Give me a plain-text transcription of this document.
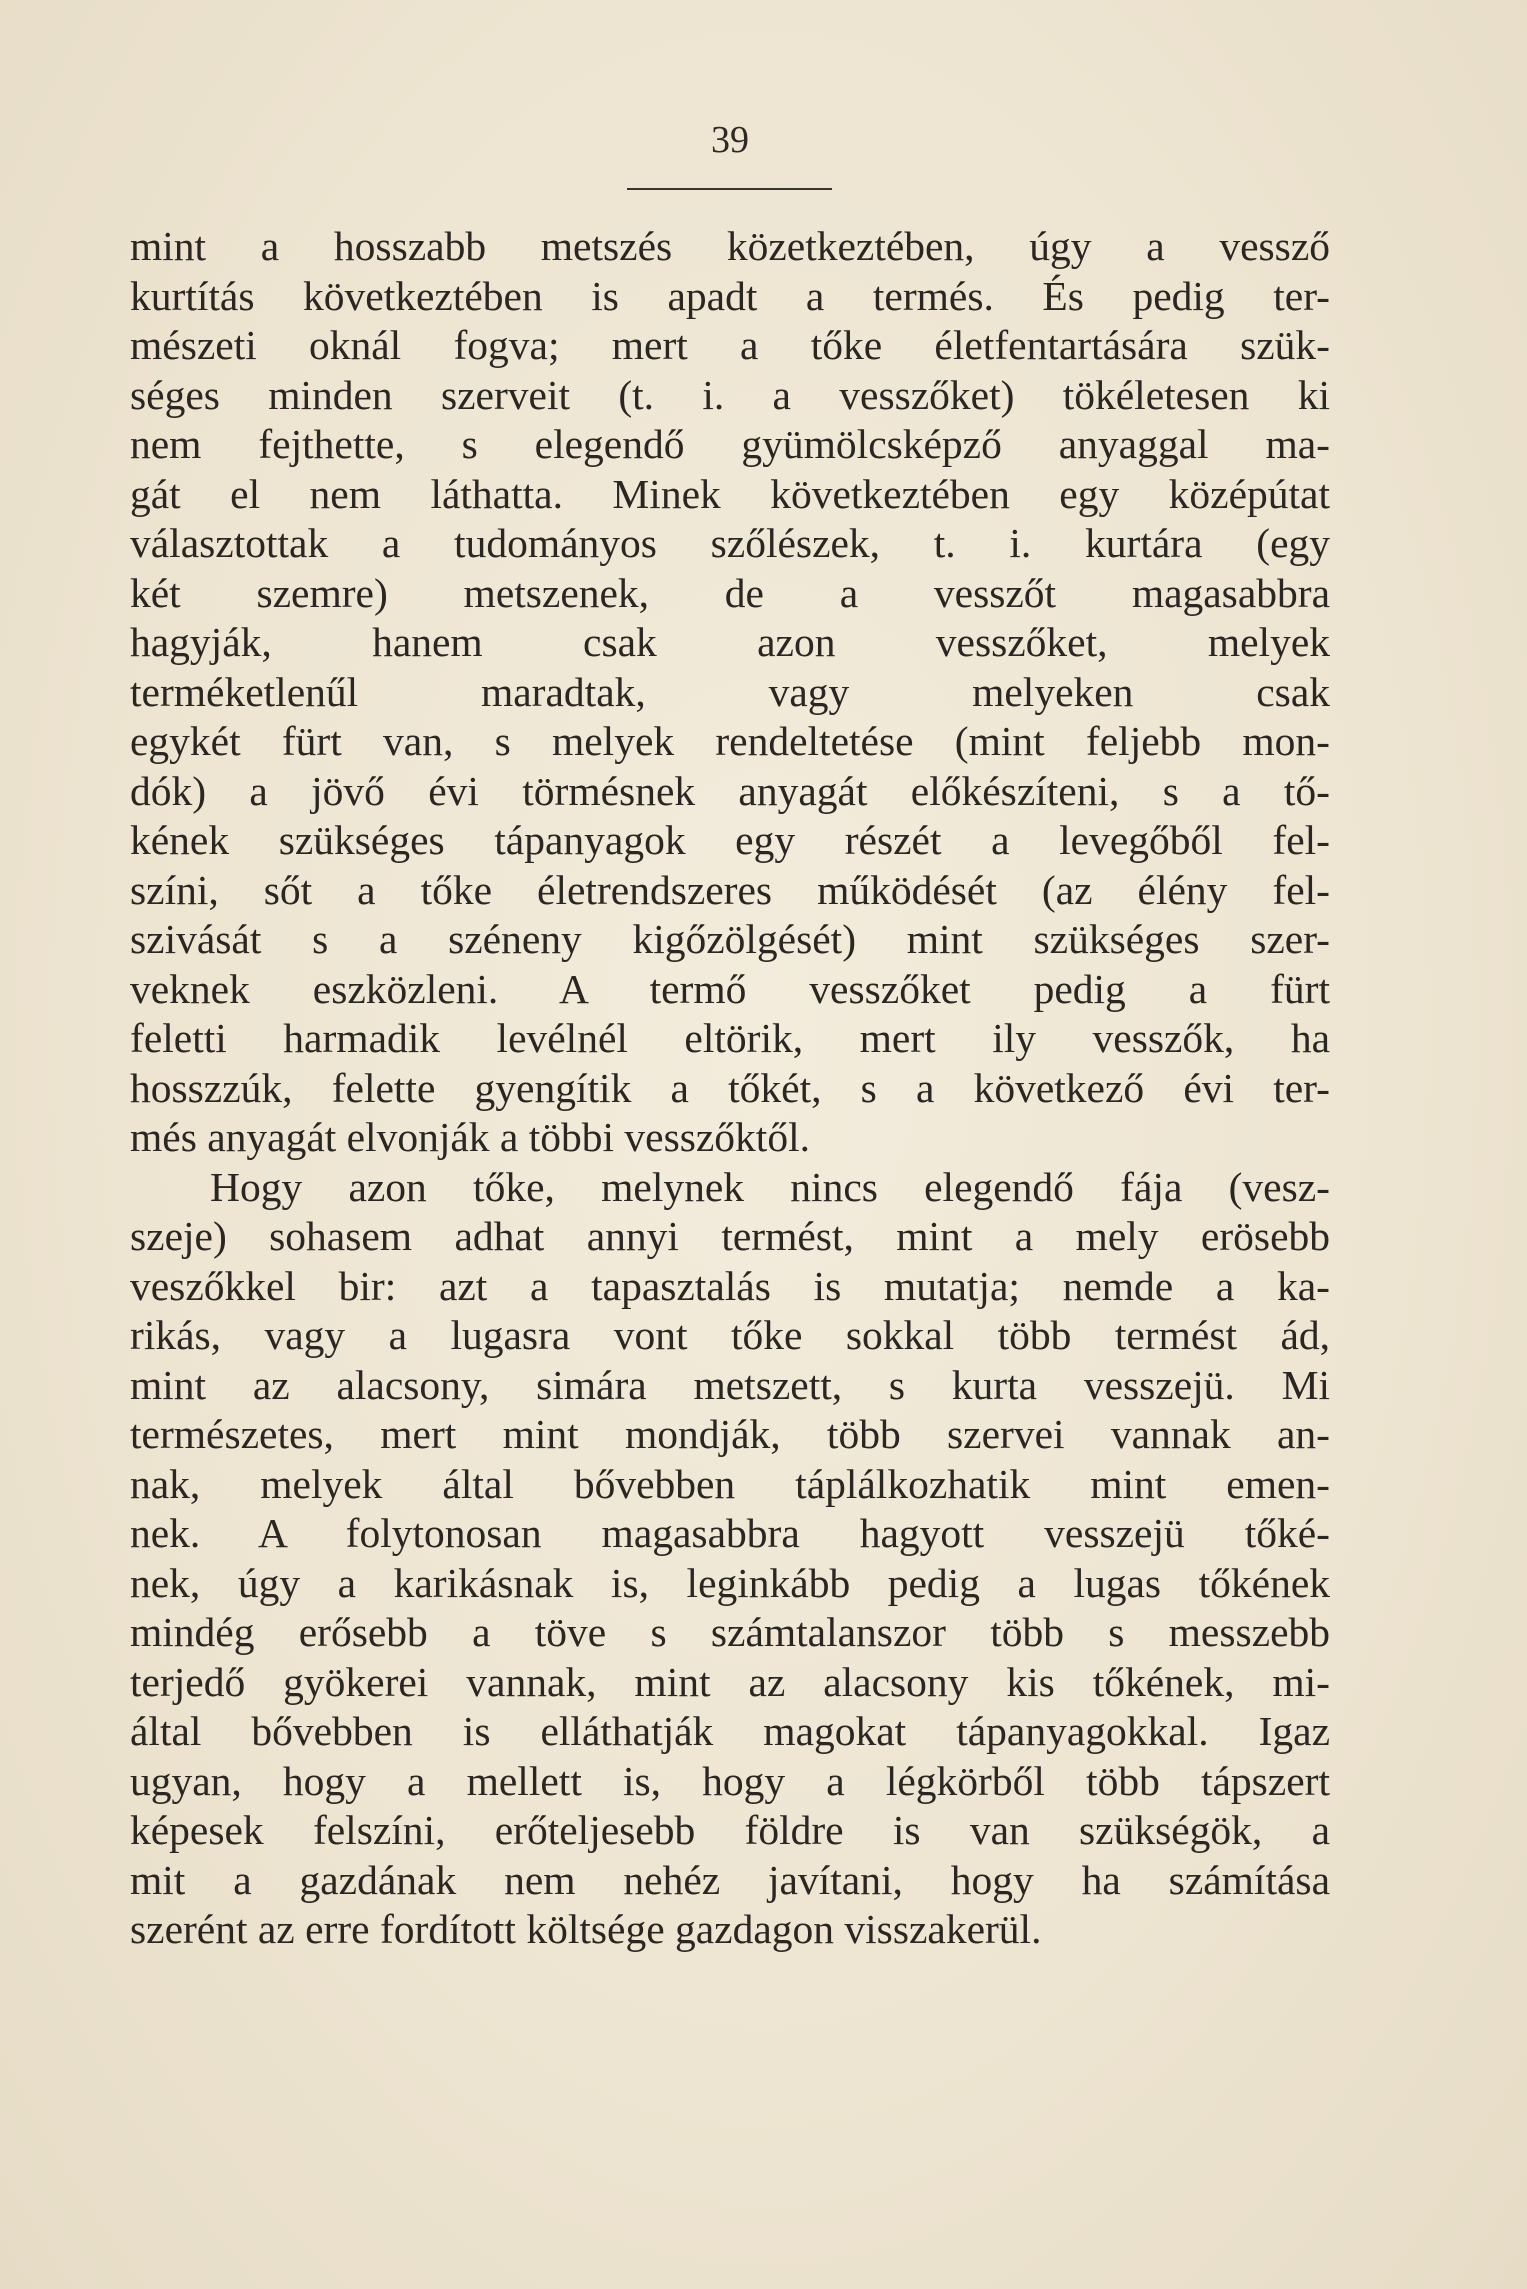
39
mint a hosszabb metszés közetkeztében, úgy a vessző
kurtítás következtében is apadt a termés. És pedig ter-
mészeti oknál fogva; mert a tőke életfentartására szük-
séges minden szerveit (t. i. a vesszőket) tökéletesen ki
nem fejthette, s elegendő gyümölcsképző anyaggal ma-
gát el nem láthatta. Minek következtében egy középútat
választottak a tudományos szőlészek, t. i. kurtára (egy
két szemre) metszenek, de a vesszőt magasabbra
hagyják, hanem csak azon vesszőket, melyek
terméketlenűl maradtak, vagy melyeken csak
egykét fürt van, s melyek rendeltetése (mint feljebb mon-
dók) a jövő évi törmésnek anyagát előkészíteni, s a tő-
kének szükséges tápanyagok egy részét a levegőből fel-
színi, sőt a tőke életrendszeres működését (az élény fel-
szivását s a széneny kigőzölgését) mint szükséges szer-
veknek eszközleni. A termő vesszőket pedig a fürt
feletti harmadik levélnél eltörik, mert ily vesszők, ha
hosszzúk, felette gyengítik a tőkét, s a következő évi ter-
més anyagát elvonják a többi vesszőktől.
Hogy azon tőke, melynek nincs elegendő fája (vesz-
szeje) sohasem adhat annyi termést, mint a mely erösebb
veszőkkel bir: azt a tapasztalás is mutatja; nemde a ka-
rikás, vagy a lugasra vont tőke sokkal több termést ád,
mint az alacsony, simára metszett, s kurta vesszejü. Mi
természetes, mert mint mondják, több szervei vannak an-
nak, melyek által bővebben táplálkozhatik mint emen-
nek. A folytonosan magasabbra hagyott vesszejü tőké-
nek, úgy a karikásnak is, leginkább pedig a lugas tőkének
mindég erősebb a töve s számtalanszor több s messzebb
terjedő gyökerei vannak, mint az alacsony kis tőkének, mi-
által bővebben is elláthatják magokat tápanyagokkal. Igaz
ugyan, hogy a mellett is, hogy a légkörből több tápszert
képesek felszíni, erőteljesebb földre is van szükségök, a
mit a gazdának nem nehéz javítani, hogy ha számítása
szerént az erre fordított költsége gazdagon visszakerül.
